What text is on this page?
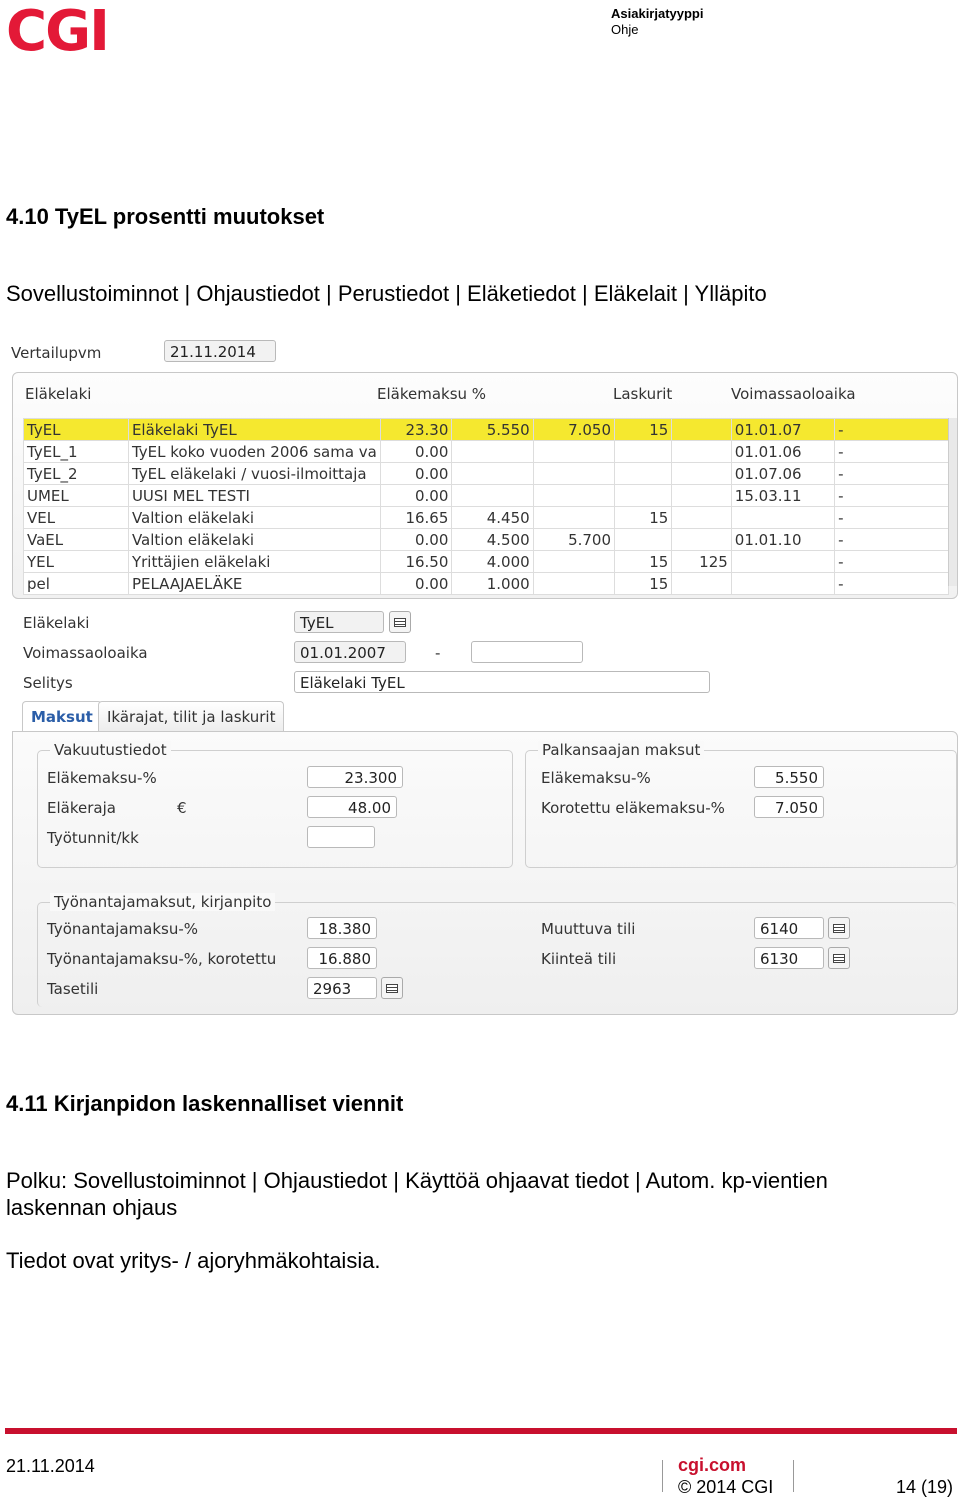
CGI	Asiakirjatyyppi
Ohje
4.10 TyEL prosentti muutokset
Sovellustoiminnot | Ohjaustiedot | Perustiedot | Eläketiedot | Eläkelait | Ylläpito
Vertailupvm	21.11.2014
Eläkelaki	Eläkemaksu %	Laskurit	Voimassaoloaika
TyEL	Eläkelaki TyEL	23.30	5.550	7.050	15		01.01.07	-
TyEL_1	TyEL koko vuoden 2006 sama va	0.00					01.01.06	-
TyEL_2	TyEL eläkelaki / vuosi-ilmoittaja	0.00					01.07.06	-
UMEL	UUSI MEL TESTI	0.00					15.03.11	-
VEL	Valtion eläkelaki	16.65	4.450		15			-
VaEL	Valtion eläkelaki	0.00	4.500	5.700			01.01.10	-
YEL	Yrittäjien eläkelaki	16.50	4.000		15	125		-
pel	PELAAJAELÄKE	0.00	1.000		15			-
Eläkelaki	TyEL
Voimassaoloaika	01.01.2007	-
Selitys	Eläkelaki TyEL
Maksut Ikärajat, tilit ja laskurit
Vakuutustiedot
Eläkemaksu-%	23.300
Eläkeraja	€	48.00
Työtunnit/kk
Palkansaajan maksut
Eläkemaksu-%	5.550
Korotettu eläkemaksu-%	7.050
Työnantajamaksut, kirjanpito
Työnantajamaksu-%	18.380
Työnantajamaksu-%, korotettu	16.880
Tasetili	2963
Muuttuva tili	6140
Kiinteä tili	6130
4.11 Kirjanpidon laskennalliset viennit
Polku: Sovellustoiminnot | Ohjaustiedot | Käyttöä ohjaavat tiedot | Autom. kp-vientien
laskennan ohjaus
Tiedot ovat yritys- / ajoryhmäkohtaisia.
21.11.2014	cgi.com
© 2014 CGI	14 (19)
